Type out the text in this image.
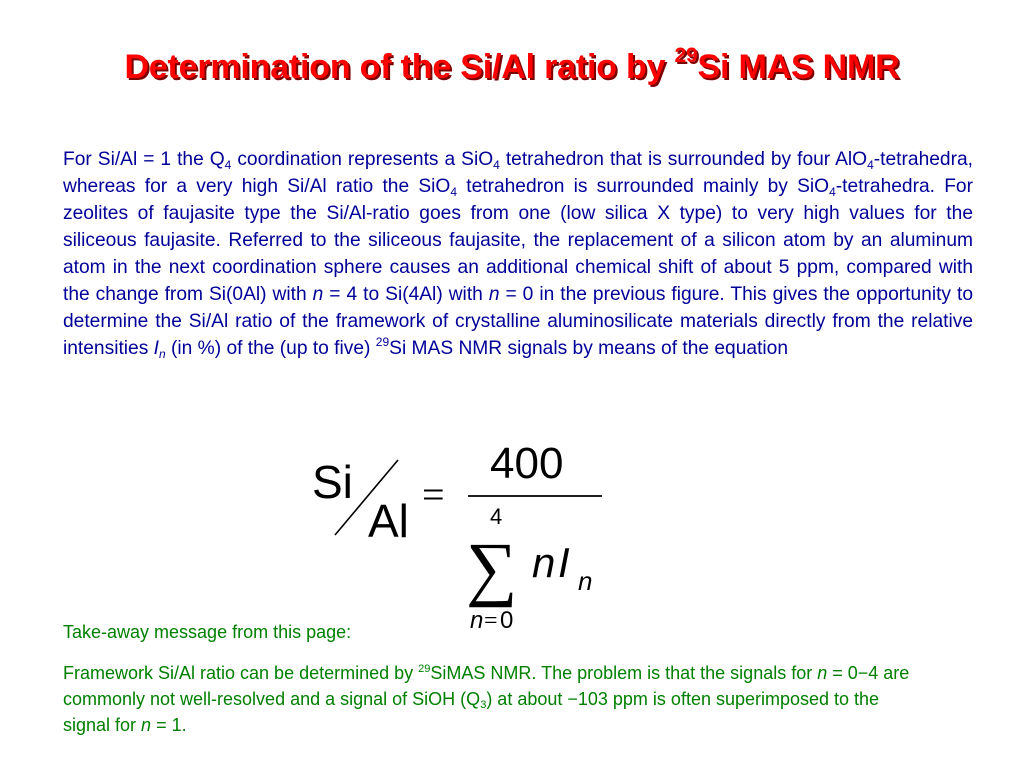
Determination of the Si/Al ratio by $^{29}$Si MAS NMR
For Si/Al = 1 the $Q_4$ coordination represents a SiO$_4$ tetrahedron that is surrounded by four AlO$_4$-tetrahedra, whereas for a very high Si/Al ratio the SiO$_4$ tetrahedron is surrounded mainly by SiO$_4$-tetrahedra. For zeolites of faujasite type the Si/Al-ratio goes from one (low silica X type) to very high values for the siliceous faujasite. Referred to the siliceous faujasite, the replacement of a silicon atom by an aluminum atom in the next coordination sphere causes an additional chemical shift of about 5 ppm, compared with the change from Si(0Al) with n = 4 to Si(4Al) with n = 0 in the previous figure. This gives the opportunity to determine the Si/Al ratio of the framework of crystalline aluminosilicate materials directly from the relative intensities $I_n$ (in %) of the (up to five) $^{29}$Si MAS NMR signals by means of the equation
Si
Al
=
400
4
∑ n I n
n = 0
Take-away message from this page:
Framework Si/Al ratio can be determined by $^{29}$SiMAS NMR. The problem is that the signals for n = 0−4 are commonly not well-resolved and a signal of SiOH $(Q_3)$ at about −103 ppm is often superimposed to the signal for n = 1.
